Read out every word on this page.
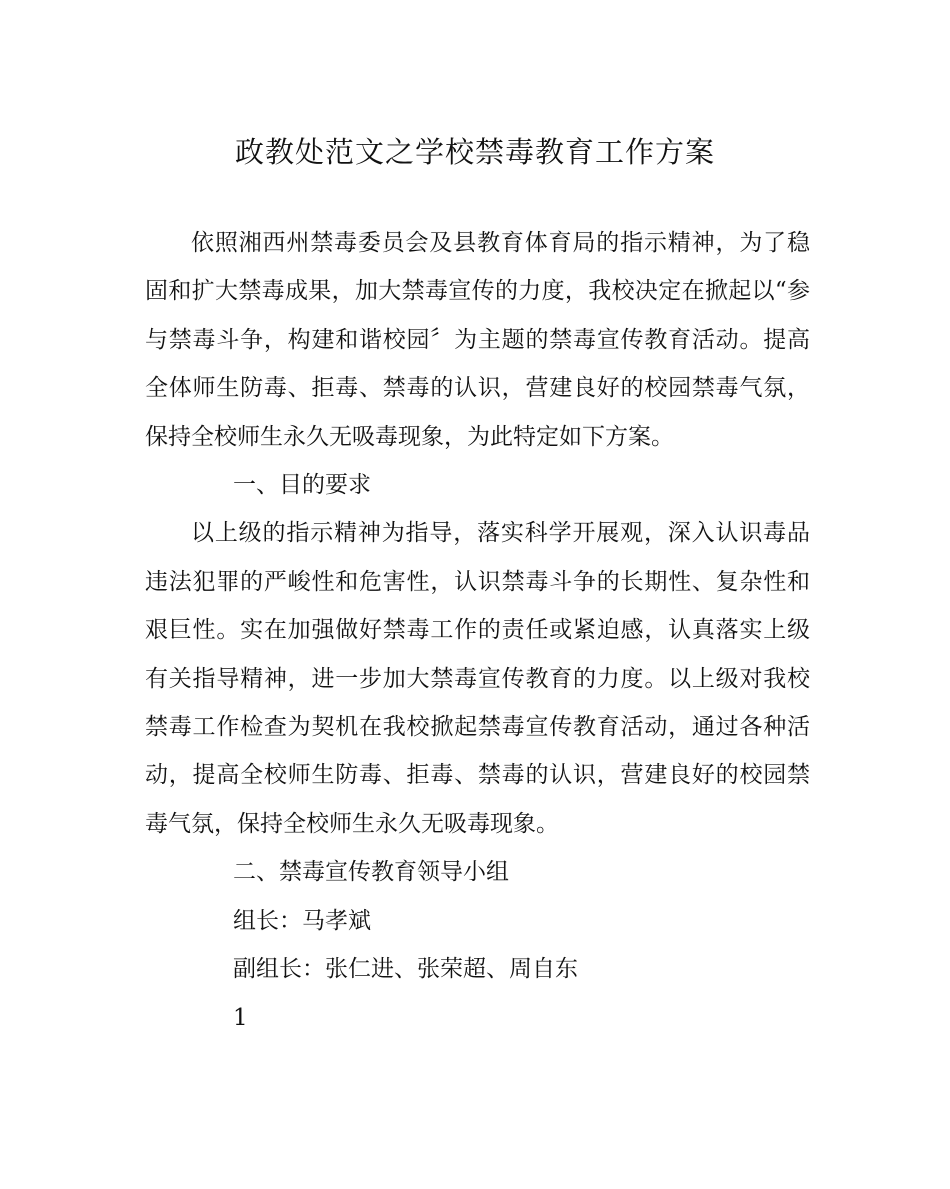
政教处范文之学校禁毒教育工作方案

依照湘西州禁毒委员会及县教育体育局的指示精神，为了稳固和扩大禁毒成果，加大禁毒宣传的力度，我校决定在掀起以“参与禁毒斗争，构建和谐校园〞为主题的禁毒宣传教育活动。提高全体师生防毒、拒毒、禁毒的认识，营建良好的校园禁毒气氛，保持全校师生永久无吸毒现象，为此特定如下方案。

一、目的要求

以上级的指示精神为指导，落实科学开展观，深入认识毒品违法犯罪的严峻性和危害性，认识禁毒斗争的长期性、复杂性和艰巨性。实在加强做好禁毒工作的责任或紧迫感，认真落实上级有关指导精神，进一步加大禁毒宣传教育的力度。以上级对我校禁毒工作检查为契机在我校掀起禁毒宣传教育活动，通过各种活动，提高全校师生防毒、拒毒、禁毒的认识，营建良好的校园禁毒气氛，保持全校师生永久无吸毒现象。

二、禁毒宣传教育领导小组

组长：马孝斌

副组长：张仁进、张荣超、周自东

1
